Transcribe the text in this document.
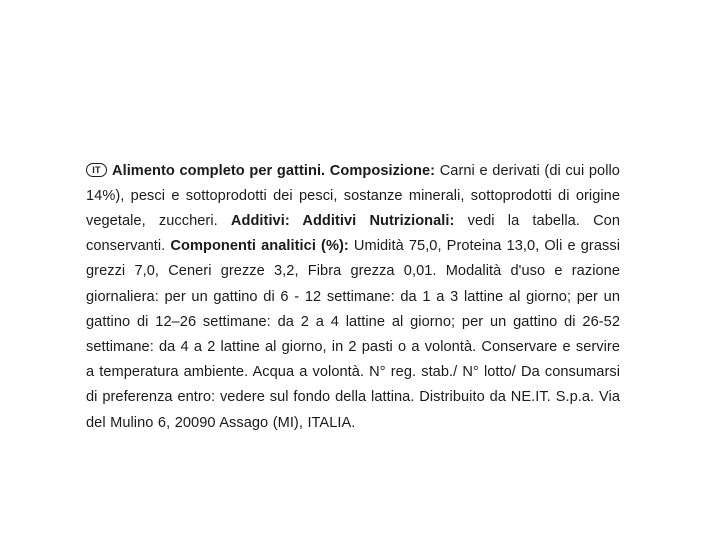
IT Alimento completo per gattini. Composizione: Carni e derivati (di cui pollo 14%), pesci e sottoprodotti dei pesci, sostanze minerali, sottoprodotti di origine vegetale, zuccheri. Additivi: Additivi Nutrizionali: vedi la tabella. Con conservanti. Componenti analitici (%): Umidità 75,0, Proteina 13,0, Oli e grassi grezzi 7,0, Ceneri grezze 3,2, Fibra grezza 0,01. Modalità d'uso e razione giornaliera: per un gattino di 6 - 12 settimane: da 1 a 3 lattine al giorno; per un gattino di 12–26 settimane: da 2 a 4 lattine al giorno; per un gattino di 26-52 settimane: da 4 a 2 lattine al giorno, in 2 pasti o a volontà. Conservare e servire a temperatura ambiente. Acqua a volontà. N° reg. stab./ N° lotto/ Da consumarsi di preferenza entro: vedere sul fondo della lattina. Distribuito da NE.IT. S.p.a. Via del Mulino 6, 20090 Assago (MI), ITALIA.
